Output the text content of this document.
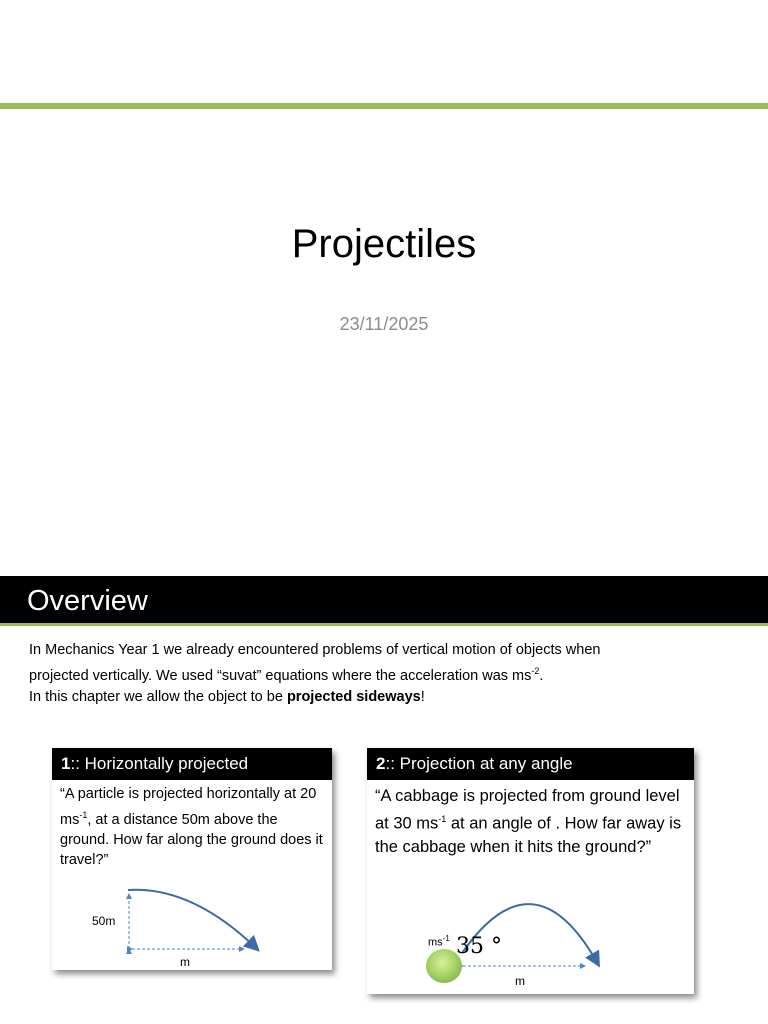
Projectiles
23/11/2025
Overview
In Mechanics Year 1 we already encountered problems of vertical motion of objects when
projected vertically. We used “suvat” equations where the acceleration was $ms^{-2}$.
In this chapter we allow the object to be projected sideways!
1:: Horizontally projected
“A particle is projected horizontally at 20 $ms^{-1}$, at a distance 50m above the ground. How far along the ground does it travel?”
50m
m
2:: Projection at any angle
“A cabbage is projected from ground level at 30 $ms^{-1}$ at an angle of . How far away is the cabbage when it hits the ground?”
$ms^{-1}$ 35 °
m
